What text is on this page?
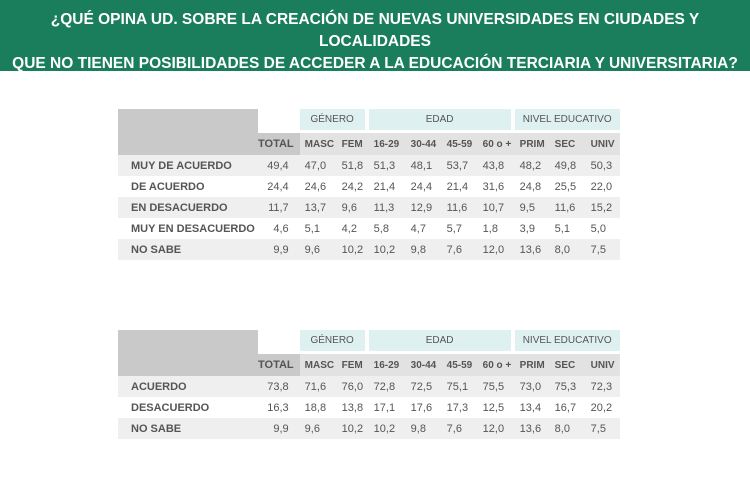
¿QUÉ OPINA UD. SOBRE LA CREACIÓN DE NUEVAS UNIVERSIDADES EN CIUDADES Y LOCALIDADES
QUE NO TIENEN POSIBILIDADES DE ACCEDER A LA EDUCACIÓN TERCIARIA Y UNIVERSITARIA?
		GÉNERO		EDAD				NIVEL EDUCATIVO		
	TOTAL	MASC	FEM	16-29	30-44	45-59	60 o +	PRIM	SEC	UNIV
MUY DE ACUERDO	49,4	47,0	51,8	51,3	48,1	53,7	43,8	48,2	49,8	50,3
DE ACUERDO	24,4	24,6	24,2	21,4	24,4	21,4	31,6	24,8	25,5	22,0
EN DESACUERDO	11,7	13,7	9,6	11,3	12,9	11,6	10,7	9,5	11,6	15,2
MUY EN DESACUERDO	4,6	5,1	4,2	5,8	4,7	5,7	1,8	3,9	5,1	5,0
NO SABE	9,9	9,6	10,2	10,2	9,8	7,6	12,0	13,6	8,0	7,5
		GÉNERO		EDAD				NIVEL EDUCATIVO		
	TOTAL	MASC	FEM	16-29	30-44	45-59	60 o +	PRIM	SEC	UNIV
ACUERDO	73,8	71,6	76,0	72,8	72,5	75,1	75,5	73,0	75,3	72,3
DESACUERDO	16,3	18,8	13,8	17,1	17,6	17,3	12,5	13,4	16,7	20,2
NO SABE	9,9	9,6	10,2	10,2	9,8	7,6	12,0	13,6	8,0	7,5
